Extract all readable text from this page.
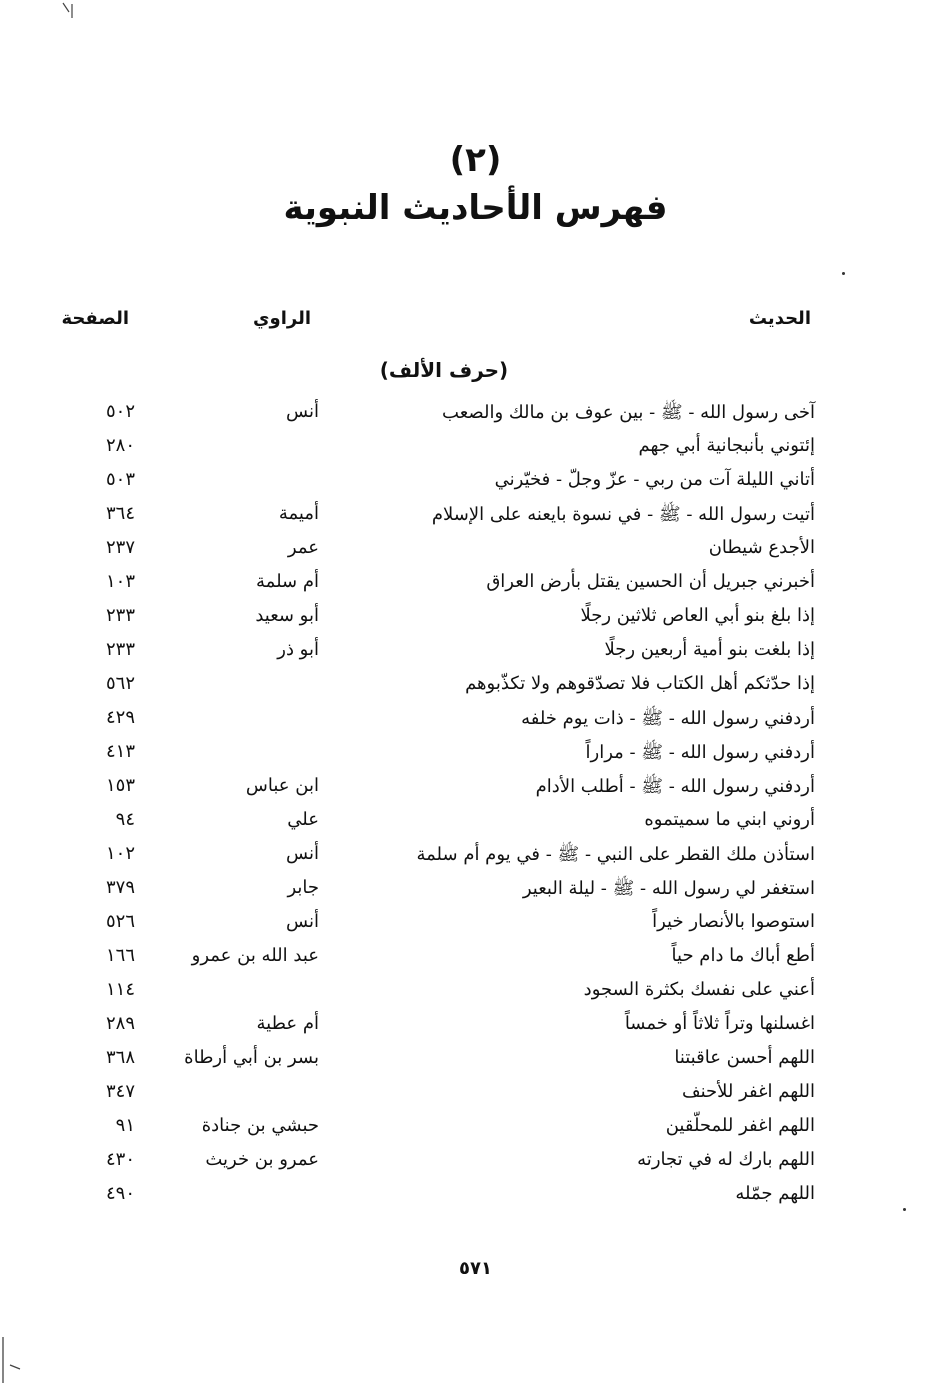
(٢)
فهرس الأحاديث النبوية
الحديث
الراوي
الصفحة
(حرف الألف)
آخى رسول الله - ﷺ - بين عوف بن مالك والصعب
أنس
٥٠٢
إئتوني بأنبجانية أبي جهم
٢٨٠
أتاني الليلة آت من ربي - عزّ وجلّ - فخيّرني
٥٠٣
أتيت رسول الله - ﷺ - في نسوة بايعنه على الإسلام
أميمة
٣٦٤
الأجدع شيطان
عمر
٢٣٧
أخبرني جبريل أن الحسين يقتل بأرض العراق
أم سلمة
١٠٣
إذا بلغ بنو أبي العاص ثلاثين رجلًا
أبو سعيد
٢٣٣
إذا بلغت بنو أمية أربعين رجلًا
أبو ذر
٢٣٣
إذا حدّثكم أهل الكتاب فلا تصدّقوهم ولا تكذّبوهم
٥٦٢
أردفني رسول الله - ﷺ - ذات يوم خلفه
٤٢٩
أردفني رسول الله - ﷺ - مراراً
٤١٣
أردفني رسول الله - ﷺ - أطلب الأدام
ابن عباس
١٥٣
أروني ابني ما سميتموه
علي
٩٤
استأذن ملك القطر على النبي - ﷺ - في يوم أم سلمة
أنس
١٠٢
استغفر لي رسول الله - ﷺ - ليلة البعير
جابر
٣٧٩
استوصوا بالأنصار خيراً
أنس
٥٢٦
أطع أباك ما دام حياً
عبد الله بن عمرو
١٦٦
أعني على نفسك بكثرة السجود
١١٤
اغسلنها وتراً ثلاثاً أو خمساً
أم عطية
٢٨٩
اللهم أحسن عاقبتنا
بسر بن أبي أرطاة
٣٦٨
اللهم اغفر للأحنف
٣٤٧
اللهم اغفر للمحلّقين
حبشي بن جنادة
٩١
اللهم بارك له في تجارته
عمرو بن خريث
٤٣٠
اللهم جمّله
٤٩٠
٥٧١
